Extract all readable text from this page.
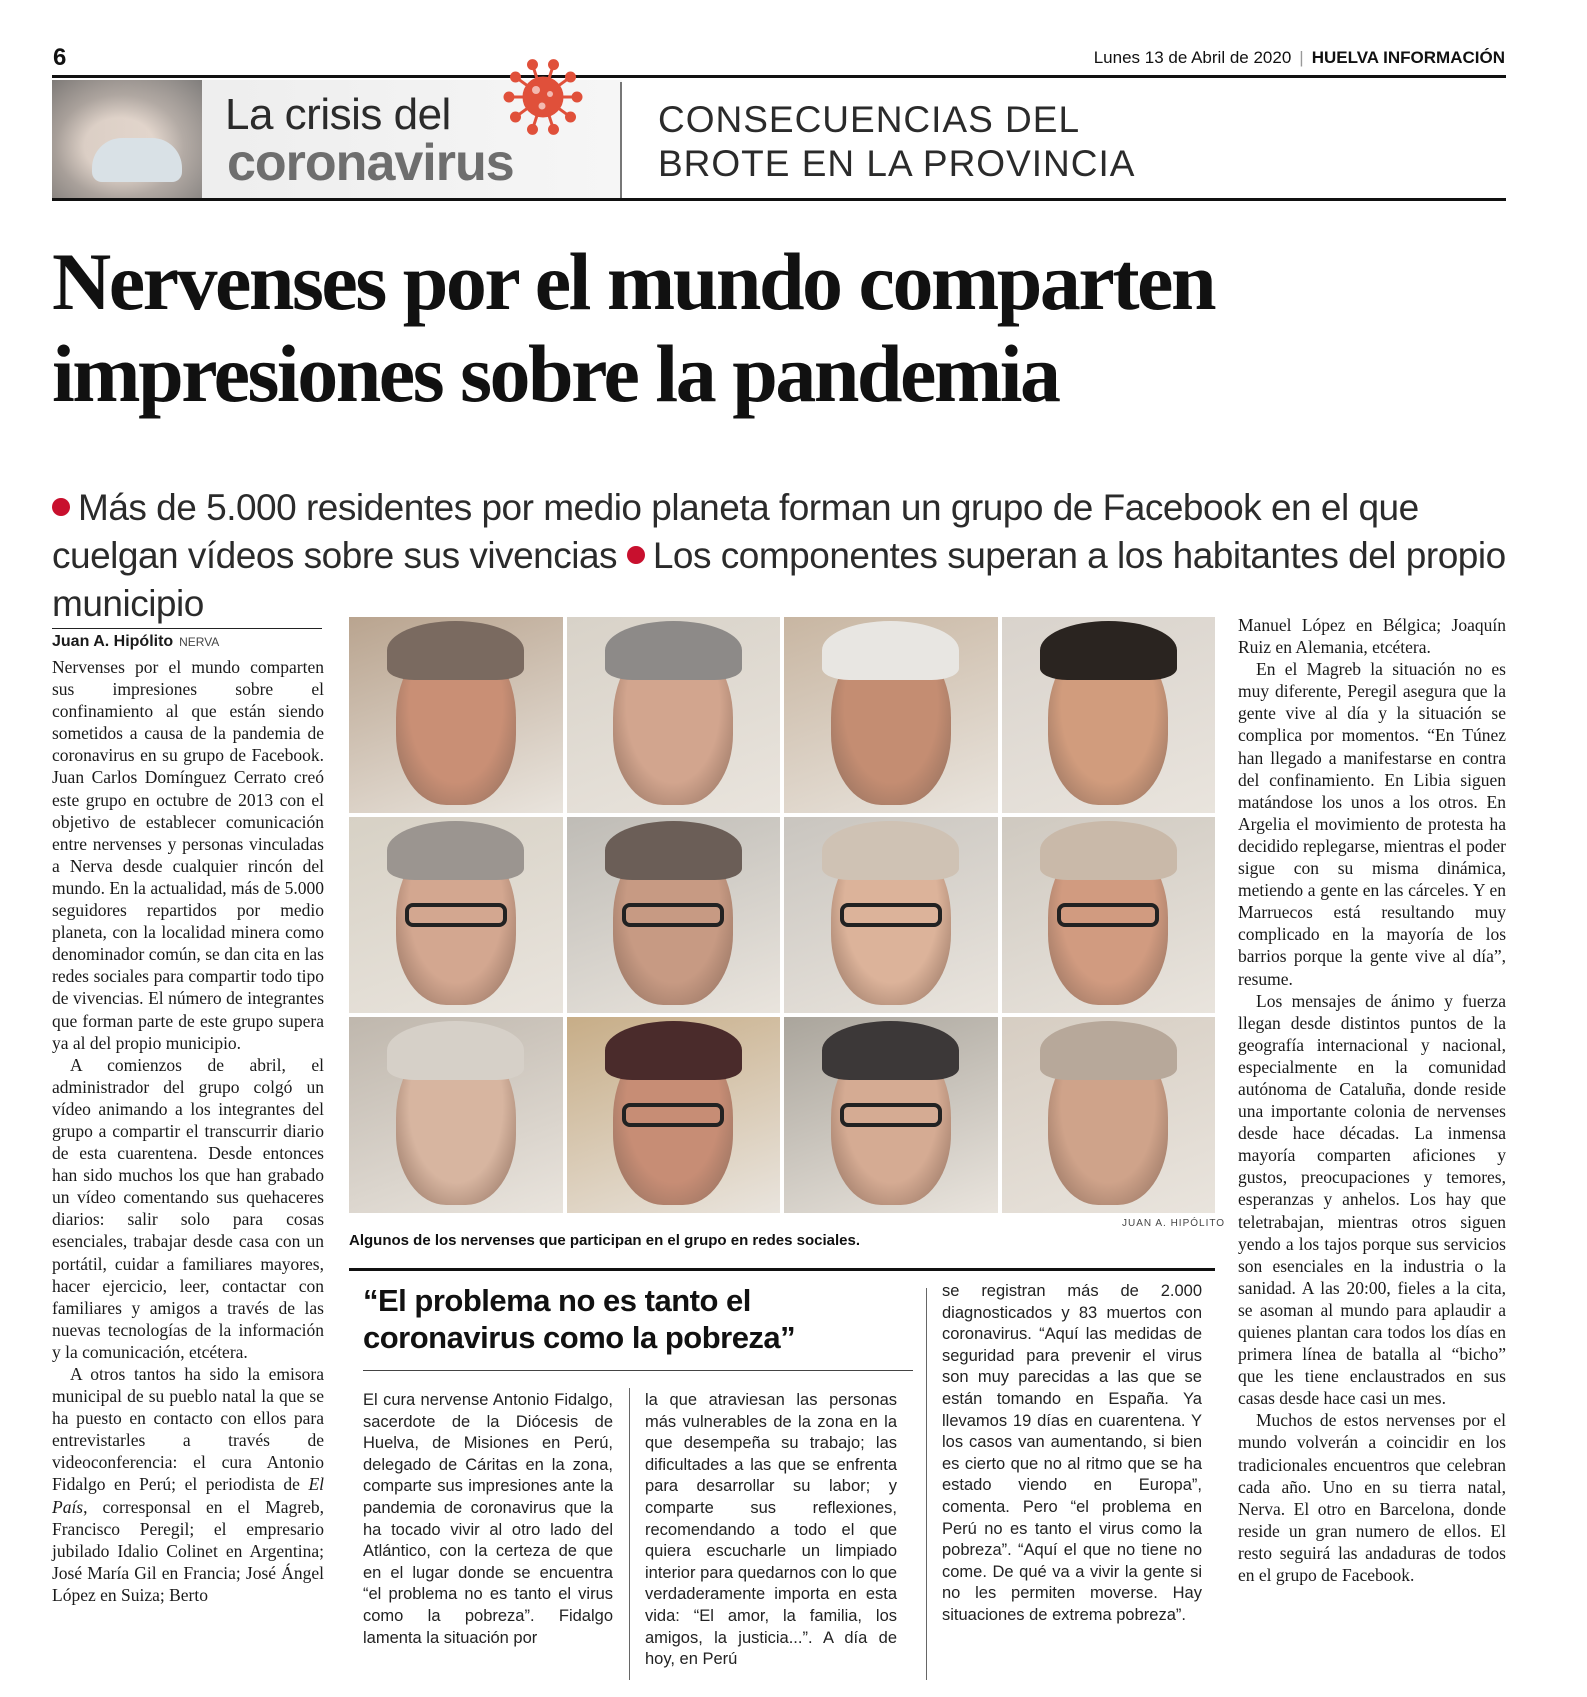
6	Lunes 13 de Abril de 2020 | HUELVA INFORMACIÓN
La crisis del
coronavirus
CONSECUENCIAS DEL
BROTE EN LA PROVINCIA
Nervenses por el mundo comparten
impresiones sobre la pandemia
Más de 5.000 residentes por medio planeta forman un grupo de Facebook en el que cuelgan vídeos sobre sus vivencias Los componentes superan a los habitantes del propio municipio
Juan A. Hipólito NERVA

Nervenses por el mundo comparten sus impresiones sobre el confinamiento al que están siendo sometidos a causa de la pandemia de coronavirus en su grupo de Facebook. Juan Carlos Domínguez Cerrato creó este grupo en octubre de 2013 con el objetivo de establecer comunicación entre nervenses y personas vinculadas a Nerva desde cualquier rincón del mundo. En la actualidad, más de 5.000 seguidores repartidos por medio planeta, con la localidad minera como denominador común, se dan cita en las redes sociales para compartir todo tipo de vivencias. El número de integrantes que forman parte de este grupo supera ya al del propio municipio.

A comienzos de abril, el administrador del grupo colgó un vídeo animando a los integrantes del grupo a compartir el transcurrir diario de esta cuarentena. Desde entonces han sido muchos los que han grabado un vídeo comentando sus quehaceres diarios: salir solo para cosas esenciales, trabajar desde casa con un portátil, cuidar a familiares mayores, hacer ejercicio, leer, contactar con familiares y amigos a través de las nuevas tecnologías de la información y la comunicación, etcétera.

A otros tantos ha sido la emisora municipal de su pueblo natal la que se ha puesto en contacto con ellos para entrevistarles a través de videoconferencia: el cura Antonio Fidalgo en Perú; el periodista de El País, corresponsal en el Magreb, Francisco Peregil; el empresario jubilado Idalio Colinet en Argentina; José María Gil en Francia; José Ángel López en Suiza; Berto

JUAN A. HIPÓLITO
Algunos de los nervenses que participan en el grupo en redes sociales.
“El problema no es tanto el coronavirus como la pobreza”

El cura nervense Antonio Fidalgo, sacerdote de la Diócesis de Huelva, de Misiones en Perú, delegado de Cáritas en la zona, comparte sus impresiones ante la pandemia de coronavirus que la ha tocado vivir al otro lado del Atlántico, con la certeza de que en el lugar donde se encuentra “el problema no es tanto el virus como la pobreza”. Fidalgo lamenta la situación por

la que atraviesan las personas más vulnerables de la zona en la que desempeña su trabajo; las dificultades a las que se enfrenta para desarrollar su labor; y comparte sus reflexiones, recomendando a todo el que quiera escucharle un limpiado interior para quedarnos con lo que verdaderamente importa en esta vida: “El amor, la familia, los amigos, la justicia...”. A día de hoy, en Perú

se registran más de 2.000 diagnosticados y 83 muertos con coronavirus. “Aquí las medidas de seguridad para prevenir el virus son muy parecidas a las que se están tomando en España. Ya llevamos 19 días en cuarentena. Y los casos van aumentando, si bien es cierto que no al ritmo que se ha estado viendo en Europa”, comenta. Pero “el problema en Perú no es tanto el virus como la pobreza”. “Aquí el que no tiene no come. De qué va a vivir la gente si no les permiten moverse. Hay situaciones de extrema pobreza”.

Manuel López en Bélgica; Joaquín Ruiz en Alemania, etcétera.

En el Magreb la situación no es muy diferente, Peregil asegura que la gente vive al día y la situación se complica por momentos. “En Túnez han llegado a manifestarse en contra del confinamiento. En Libia siguen matándose los unos a los otros. En Argelia el movimiento de protesta ha decidido replegarse, mientras el poder sigue con su misma dinámica, metiendo a gente en las cárceles. Y en Marruecos está resultando muy complicado en la mayoría de los barrios porque la gente vive al día”, resume.

Los mensajes de ánimo y fuerza llegan desde distintos puntos de la geografía internacional y nacional, especialmente en la comunidad autónoma de Cataluña, donde reside una importante colonia de nervenses desde hace décadas. La inmensa mayoría comparten aficiones y gustos, preocupaciones y temores, esperanzas y anhelos. Los hay que teletrabajan, mientras otros siguen yendo a los tajos porque sus servicios son esenciales en la industria o la sanidad. A las 20:00, fieles a la cita, se asoman al mundo para aplaudir a quienes plantan cara todos los días en primera línea de batalla al “bicho” que les tiene enclaustrados en sus casas desde hace casi un mes.

Muchos de estos nervenses por el mundo volverán a coincidir en los tradicionales encuentros que celebran cada año. Uno en su tierra natal, Nerva. El otro en Barcelona, donde reside un gran numero de ellos. El resto seguirá las andaduras de todos en el grupo de Facebook.
